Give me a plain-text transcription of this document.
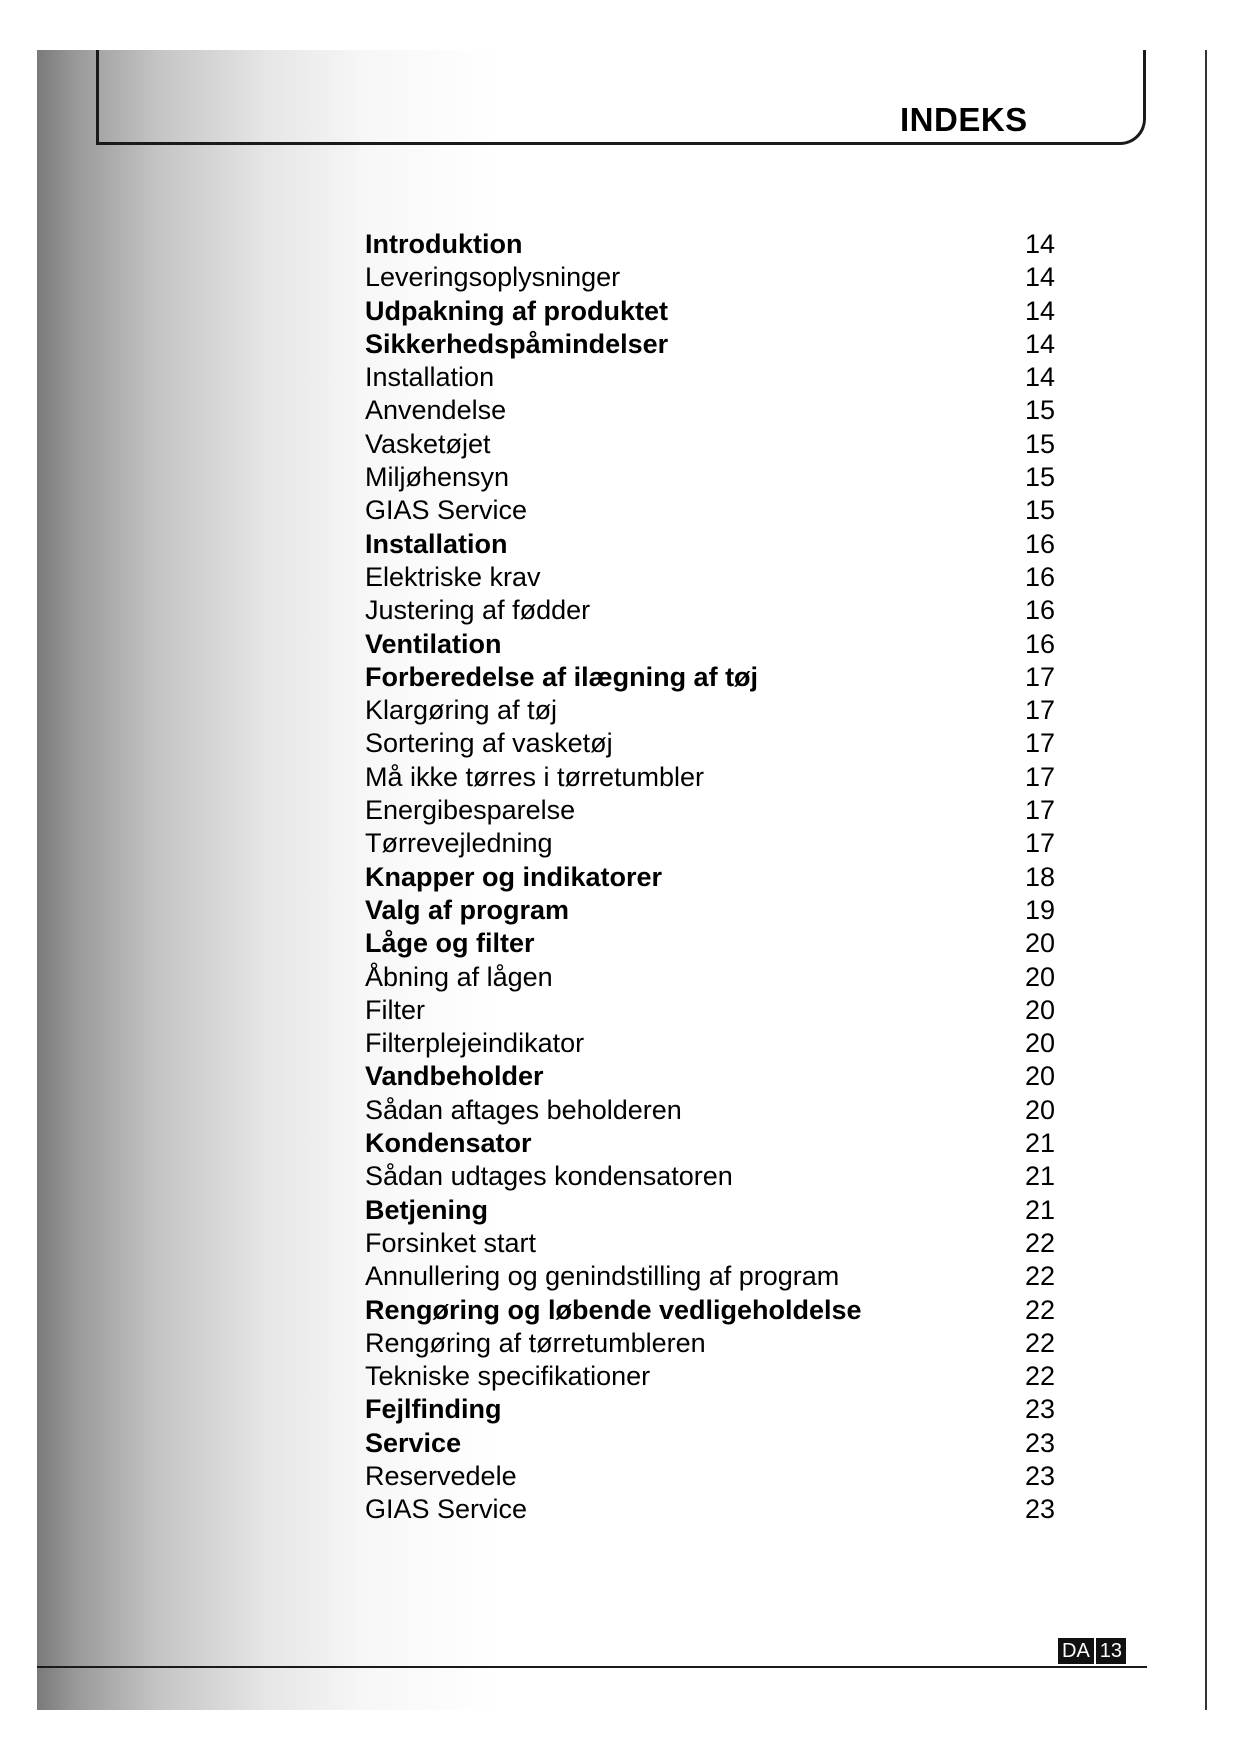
INDEKS
Introduktion	14
Leveringsoplysninger	14
Udpakning af produktet	14
Sikkerhedspåmindelser	14
Installation	14
Anvendelse	15
Vasketøjet	15
Miljøhensyn	15
GIAS Service	15
Installation	16
Elektriske krav	16
Justering af fødder	16
Ventilation	16
Forberedelse af ilægning af tøj	17
Klargøring af tøj	17
Sortering af vasketøj	17
Må ikke tørres i tørretumbler	17
Energibesparelse	17
Tørrevejledning	17
Knapper og indikatorer	18
Valg af program	19
Låge og filter	20
Åbning af lågen	20
Filter	20
Filterplejeindikator	20
Vandbeholder	20
Sådan aftages beholderen	20
Kondensator	21
Sådan udtages kondensatoren	21
Betjening	21
Forsinket start	22
Annullering og genindstilling af program	22
Rengøring og løbende vedligeholdelse	22
Rengøring af tørretumbleren	22
Tekniske specifikationer	22
Fejlfinding	23
Service	23
Reservedele	23
GIAS Service	23
DA 13
